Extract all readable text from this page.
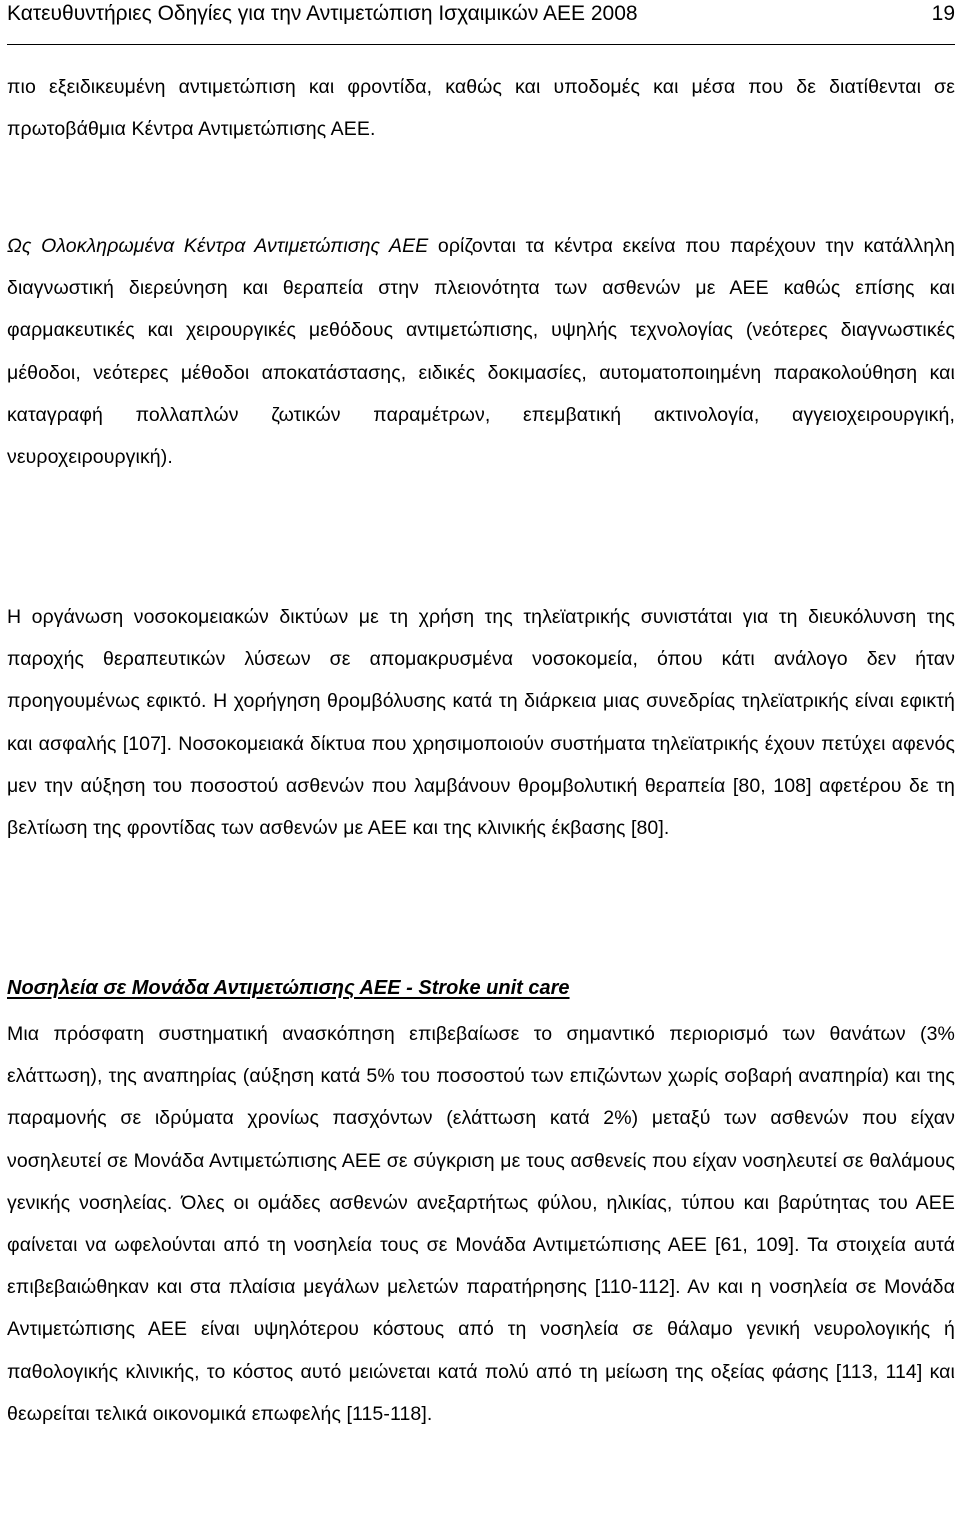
Κατευθυντήριες Οδηγίες για την Αντιμετώπιση Ισχαιμικών ΑΕΕ 2008	19

πιο εξειδικευμένη αντιμετώπιση και φροντίδα, καθώς και υποδομές και μέσα που δε διατίθενται σε πρωτοβάθμια Κέντρα Αντιμετώπισης ΑΕΕ.

Ως Ολοκληρωμένα Κέντρα Αντιμετώπισης ΑΕΕ ορίζονται τα κέντρα εκείνα που παρέχουν την κατάλληλη διαγνωστική διερεύνηση και θεραπεία στην πλειονότητα των ασθενών με ΑΕΕ καθώς επίσης και φαρμακευτικές και χειρουργικές μεθόδους αντιμετώπισης, υψηλής τεχνολογίας (νεότερες διαγνωστικές μέθοδοι, νεότερες μέθοδοι αποκατάστασης, ειδικές δοκιμασίες, αυτοματοποιημένη παρακολούθηση και καταγραφή πολλαπλών ζωτικών παραμέτρων, επεμβατική ακτινολογία, αγγειοχειρουργική, νευροχειρουργική).

Η οργάνωση νοσοκομειακών δικτύων με τη χρήση της τηλεϊατρικής συνιστάται για τη διευκόλυνση της παροχής θεραπευτικών λύσεων σε απομακρυσμένα νοσοκομεία, όπου κάτι ανάλογο δεν ήταν προηγουμένως εφικτό. Η χορήγηση θρομβόλυσης κατά τη διάρκεια μιας συνεδρίας τηλεϊατρικής είναι εφικτή και ασφαλής [107]. Νοσοκομειακά δίκτυα που χρησιμοποιούν συστήματα τηλεϊατρικής έχουν πετύχει αφενός μεν την αύξηση του ποσοστού ασθενών που λαμβάνουν θρομβολυτική θεραπεία [80, 108] αφετέρου δε τη βελτίωση της φροντίδας των ασθενών με ΑΕΕ και της κλινικής έκβασης [80].

Νοσηλεία σε Μονάδα Αντιμετώπισης ΑΕΕ - Stroke unit care

Μια πρόσφατη συστηματική ανασκόπηση επιβεβαίωσε το σημαντικό περιορισμό των θανάτων (3% ελάττωση), της αναπηρίας (αύξηση κατά 5% του ποσοστού των επιζώντων χωρίς σοβαρή αναπηρία) και της παραμονής σε ιδρύματα χρονίως πασχόντων (ελάττωση κατά 2%) μεταξύ των ασθενών που είχαν νοσηλευτεί σε Μονάδα Αντιμετώπισης ΑΕΕ σε σύγκριση με τους ασθενείς που είχαν νοσηλευτεί σε θαλάμους γενικής νοσηλείας. Όλες οι ομάδες ασθενών ανεξαρτήτως φύλου, ηλικίας, τύπου και βαρύτητας του ΑΕΕ φαίνεται να ωφελούνται από τη νοσηλεία τους σε Μονάδα Αντιμετώπισης ΑΕΕ [61, 109]. Τα στοιχεία αυτά επιβεβαιώθηκαν και στα πλαίσια μεγάλων μελετών παρατήρησης [110-112]. Αν και η νοσηλεία σε Μονάδα Αντιμετώπισης ΑΕΕ είναι υψηλότερου κόστους από τη νοσηλεία σε θάλαμο γενική νευρολογικής ή παθολογικής κλινικής, το κόστος αυτό μειώνεται κατά πολύ από τη μείωση της οξείας φάσης [113, 114] και θεωρείται τελικά οικονομικά επωφελής [115-118].
